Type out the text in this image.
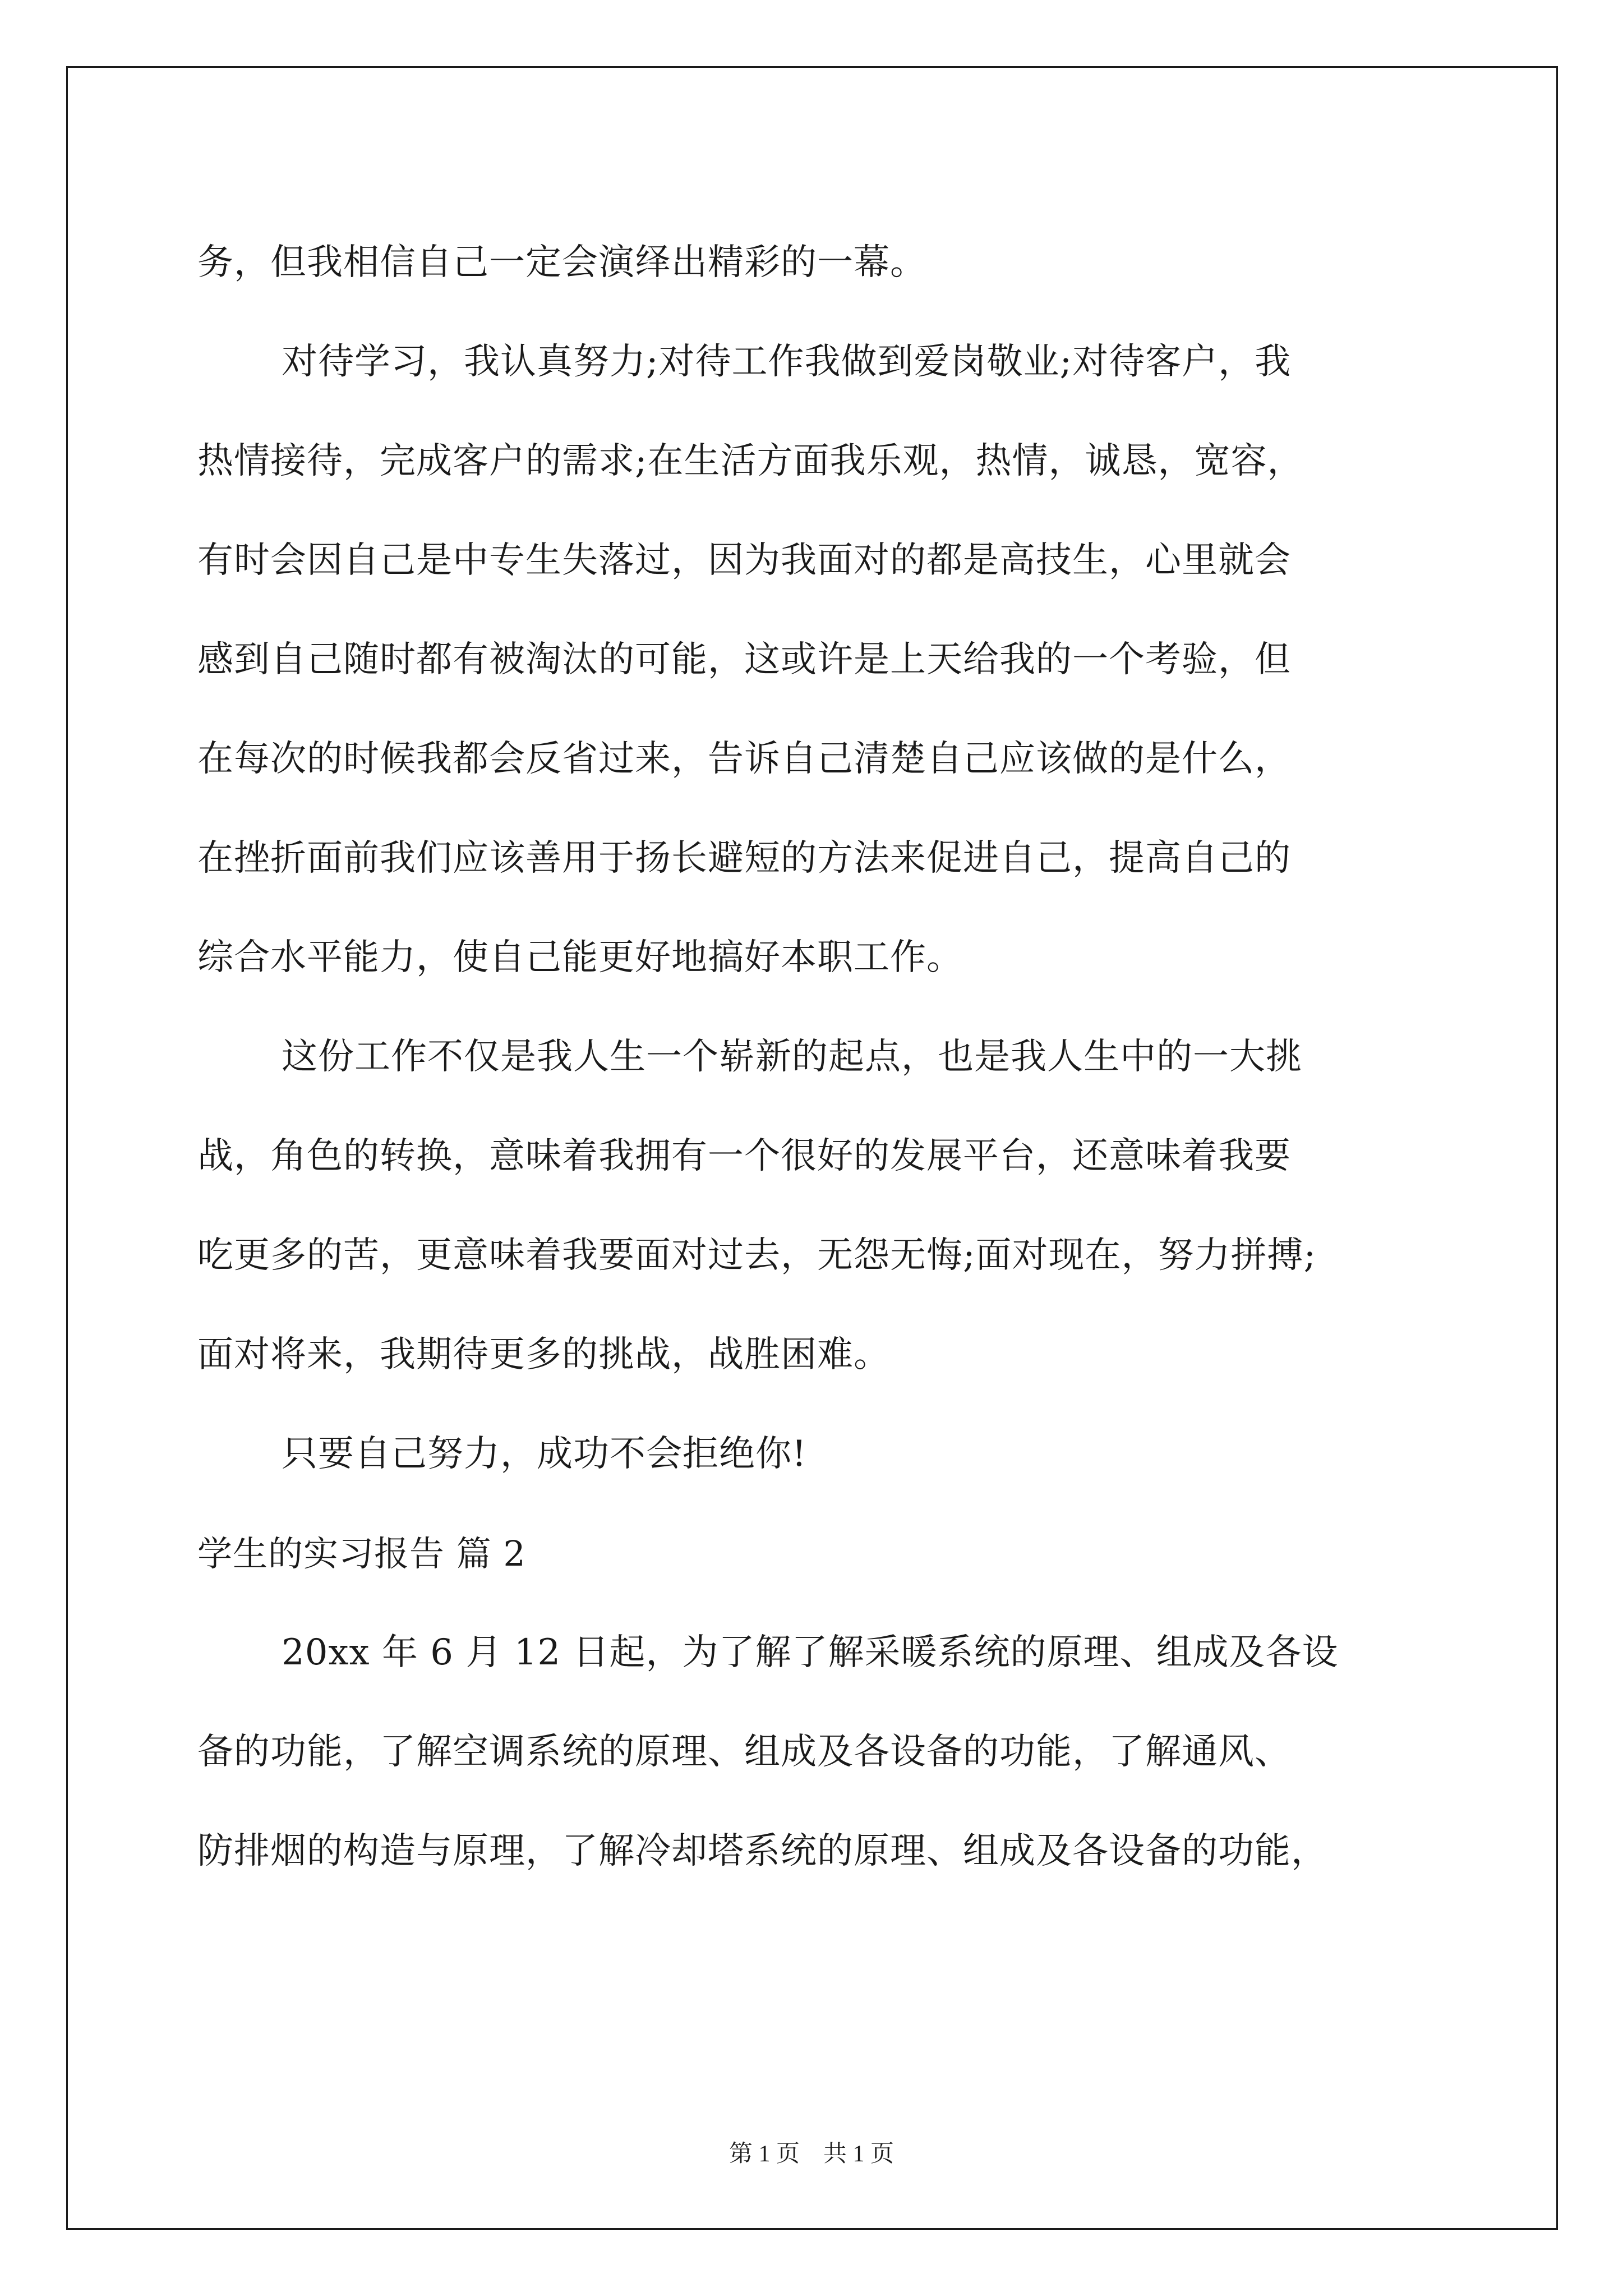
务，但我相信自己一定会演绎出精彩的一幕。
对待学习，我认真努力;对待工作我做到爱岗敬业;对待客户，我
热情接待，完成客户的需求;在生活方面我乐观，热情，诚恳，宽容，
有时会因自己是中专生失落过，因为我面对的都是高技生，心里就会
感到自己随时都有被淘汰的可能，这或许是上天给我的一个考验，但
在每次的时候我都会反省过来，告诉自己清楚自己应该做的是什么，
在挫折面前我们应该善用于扬长避短的方法来促进自己，提高自己的
综合水平能力，使自己能更好地搞好本职工作。
这份工作不仅是我人生一个崭新的起点，也是我人生中的一大挑
战，角色的转换，意味着我拥有一个很好的发展平台，还意味着我要
吃更多的苦，更意味着我要面对过去，无怨无悔;面对现在，努力拼搏;
面对将来，我期待更多的挑战，战胜困难。
只要自己努力，成功不会拒绝你!
学生的实习报告 篇 2
20xx 年 6 月 12 日起，为了解了解采暖系统的原理、组成及各设
备的功能，了解空调系统的原理、组成及各设备的功能，了解通风、
防排烟的构造与原理，了解冷却塔系统的原理、组成及各设备的功能，
第 1 页　共 1 页
